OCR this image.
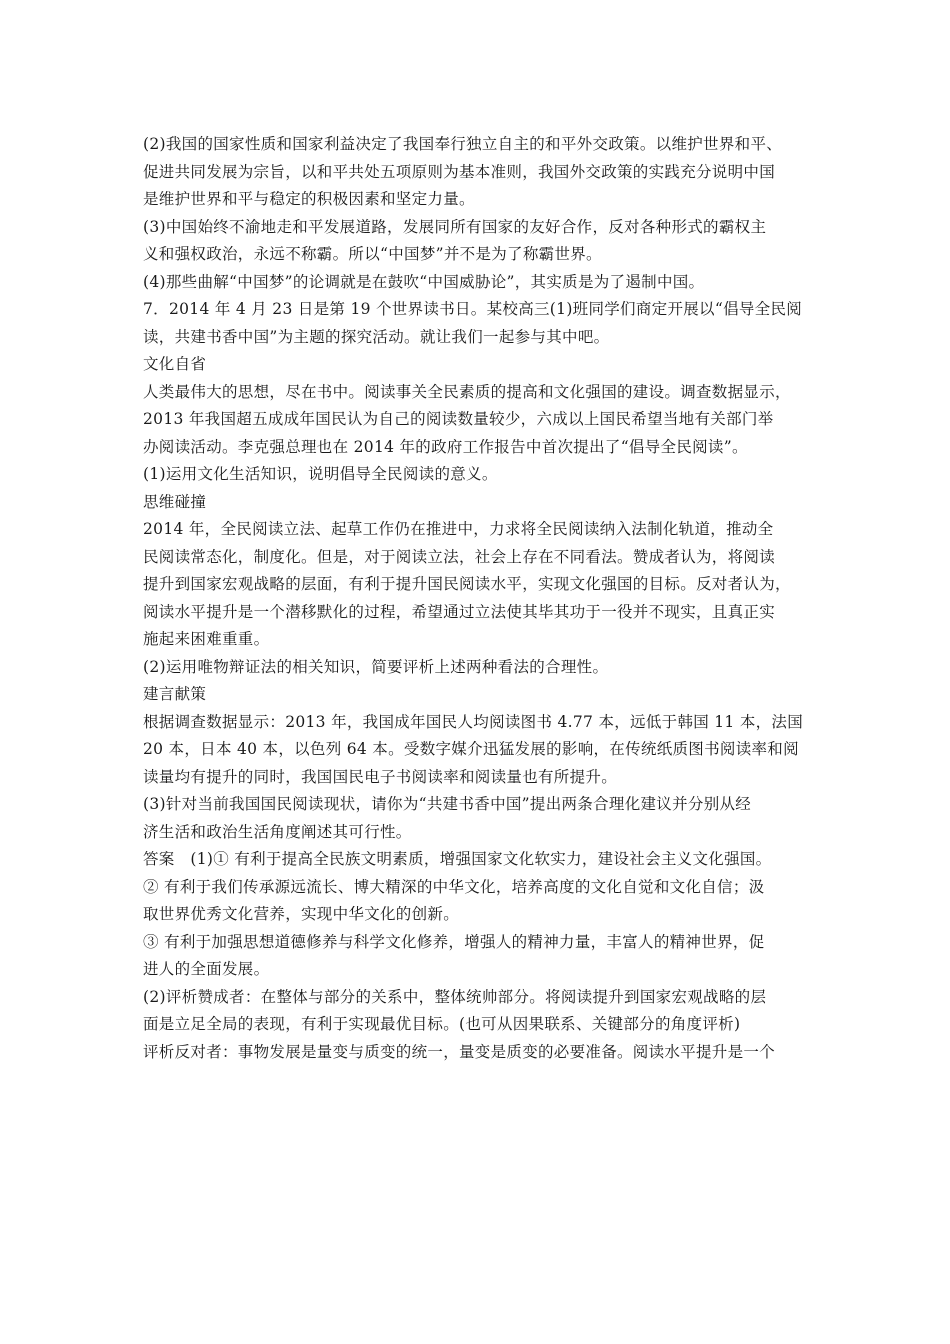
(2)我国的国家性质和国家利益决定了我国奉行独立自主的和平外交政策。以维护世界和平、
促进共同发展为宗旨，以和平共处五项原则为基本准则，我国外交政策的实践充分说明中国
是维护世界和平与稳定的积极因素和坚定力量。
(3)中国始终不渝地走和平发展道路，发展同所有国家的友好合作，反对各种形式的霸权主
义和强权政治，永远不称霸。所以“中国梦”并不是为了称霸世界。
(4)那些曲解“中国梦”的论调就是在鼓吹“中国威胁论”，其实质是为了遏制中国。
7．2014 年 4 月 23 日是第 19 个世界读书日。某校高三(1)班同学们商定开展以“倡导全民阅
读，共建书香中国”为主题的探究活动。就让我们一起参与其中吧。
文化自省
人类最伟大的思想，尽在书中。阅读事关全民素质的提高和文化强国的建设。调查数据显示，
2013 年我国超五成成年国民认为自己的阅读数量较少，六成以上国民希望当地有关部门举
办阅读活动。李克强总理也在 2014 年的政府工作报告中首次提出了“倡导全民阅读”。
(1)运用文化生活知识，说明倡导全民阅读的意义。
思维碰撞
2014 年，全民阅读立法、起草工作仍在推进中，力求将全民阅读纳入法制化轨道，推动全
民阅读常态化，制度化。但是，对于阅读立法，社会上存在不同看法。赞成者认为，将阅读
提升到国家宏观战略的层面，有利于提升国民阅读水平，实现文化强国的目标。反对者认为，
阅读水平提升是一个潜移默化的过程，希望通过立法使其毕其功于一役并不现实，且真正实
施起来困难重重。
(2)运用唯物辩证法的相关知识，简要评析上述两种看法的合理性。
建言献策
根据调查数据显示：2013 年，我国成年国民人均阅读图书 4.77 本，远低于韩国 11 本，法国
20 本，日本 40 本，以色列 64 本。受数字媒介迅猛发展的影响，在传统纸质图书阅读率和阅
读量均有提升的同时，我国国民电子书阅读率和阅读量也有所提升。
(3)针对当前我国国民阅读现状，请你为“共建书香中国”提出两条合理化建议并分别从经
济生活和政治生活角度阐述其可行性。
答案　(1)① 有利于提高全民族文明素质，增强国家文化软实力，建设社会主义文化强国。
② 有利于我们传承源远流长、博大精深的中华文化，培养高度的文化自觉和文化自信；汲
取世界优秀文化营养，实现中华文化的创新。
③ 有利于加强思想道德修养与科学文化修养，增强人的精神力量，丰富人的精神世界，促
进人的全面发展。
(2)评析赞成者：在整体与部分的关系中，整体统帅部分。将阅读提升到国家宏观战略的层
面是立足全局的表现，有利于实现最优目标。(也可从因果联系、关键部分的角度评析)
评析反对者：事物发展是量变与质变的统一，量变是质变的必要准备。阅读水平提升是一个
